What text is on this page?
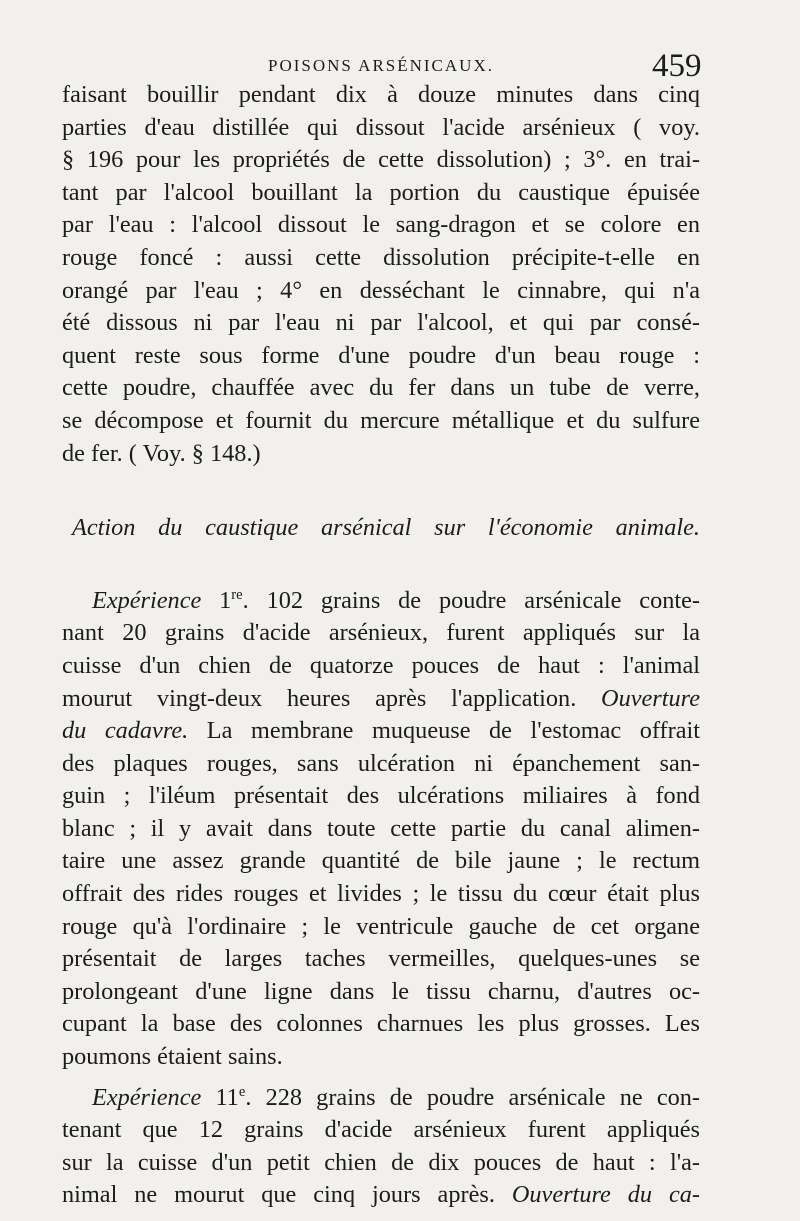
POISONS ARSÉNICAUX.	459
faisant bouillir pendant dix à douze minutes dans cinq
parties d'eau distillée qui dissout l'acide arsénieux ( voy.
§ 196 pour les propriétés de cette dissolution) ; 3°. en trai-
tant par l'alcool bouillant la portion du caustique épuisée
par l'eau : l'alcool dissout le sang-dragon et se colore en
rouge foncé : aussi cette dissolution précipite-t-elle en
orangé par l'eau ; 4° en desséchant le cinnabre, qui n'a
été dissous ni par l'eau ni par l'alcool, et qui par consé-
quent reste sous forme d'une poudre d'un beau rouge :
cette poudre, chauffée avec du fer dans un tube de verre,
se décompose et fournit du mercure métallique et du sulfure
de fer. ( Voy. § 148.)
Action du caustique arsénical sur l'économie animale.
Expérience 1re. 102 grains de poudre arsénicale conte-
nant 20 grains d'acide arsénieux, furent appliqués sur la
cuisse d'un chien de quatorze pouces de haut : l'animal
mourut vingt-deux heures après l'application. Ouverture
du cadavre. La membrane muqueuse de l'estomac offrait
des plaques rouges, sans ulcération ni épanchement san-
guin ; l'iléum présentait des ulcérations miliaires à fond
blanc ; il y avait dans toute cette partie du canal alimen-
taire une assez grande quantité de bile jaune ; le rectum
offrait des rides rouges et livides ; le tissu du cœur était plus
rouge qu'à l'ordinaire ; le ventricule gauche de cet organe
présentait de larges taches vermeilles, quelques-unes se
prolongeant d'une ligne dans le tissu charnu, d'autres oc-
cupant la base des colonnes charnues les plus grosses. Les
poumons étaient sains.
Expérience 11e. 228 grains de poudre arsénicale ne con-
tenant que 12 grains d'acide arsénieux furent appliqués
sur la cuisse d'un petit chien de dix pouces de haut : l'a-
nimal ne mourut que cinq jours après. Ouverture du ca-
